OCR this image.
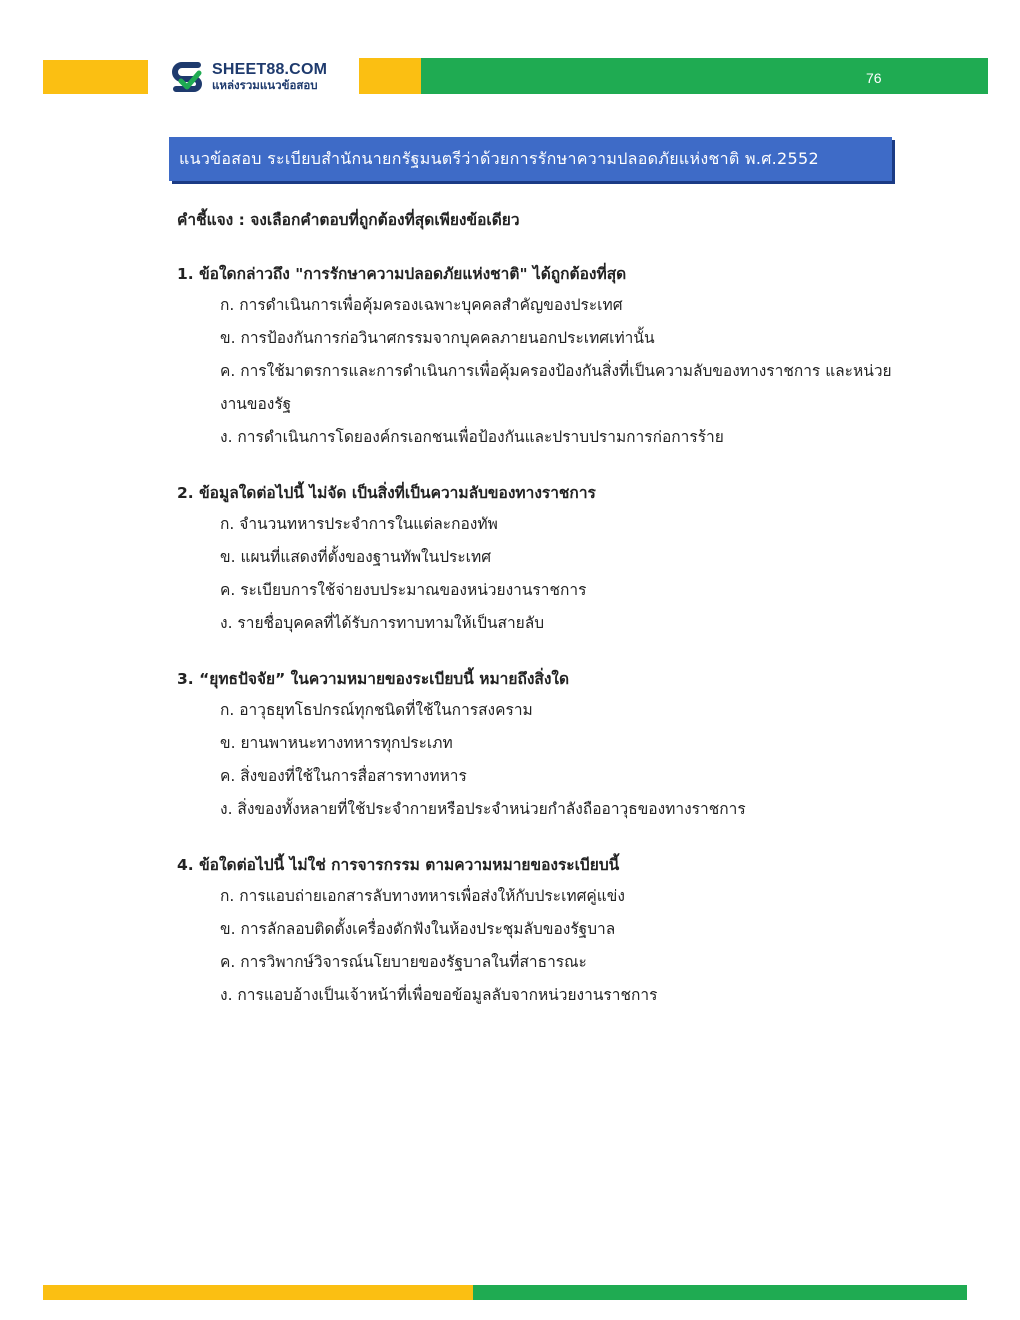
SHEET88.COM
แหล่งรวมแนวข้อสอบ	76
แนวข้อสอบ ระเบียบสำนักนายกรัฐมนตรีว่าด้วยการรักษาความปลอดภัยแห่งชาติ พ.ศ.2552
คำชี้แจง : จงเลือกคำตอบที่ถูกต้องที่สุดเพียงข้อเดียว
1. ข้อใดกล่าวถึง "การรักษาความปลอดภัยแห่งชาติ" ได้ถูกต้องที่สุด
ก. การดำเนินการเพื่อคุ้มครองเฉพาะบุคคลสำคัญของประเทศ
ข. การป้องกันการก่อวินาศกรรมจากบุคคลภายนอกประเทศเท่านั้น
ค. การใช้มาตรการและการดำเนินการเพื่อคุ้มครองป้องกันสิ่งที่เป็นความลับของทางราชการ และหน่วยงานของรัฐ
ง. การดำเนินการโดยองค์กรเอกชนเพื่อป้องกันและปราบปรามการก่อการร้าย
2. ข้อมูลใดต่อไปนี้ ไม่จัด เป็นสิ่งที่เป็นความลับของทางราชการ
ก. จำนวนทหารประจำการในแต่ละกองทัพ
ข. แผนที่แสดงที่ตั้งของฐานทัพในประเทศ
ค. ระเบียบการใช้จ่ายงบประมาณของหน่วยงานราชการ
ง. รายชื่อบุคคลที่ได้รับการทาบทามให้เป็นสายลับ
3. “ยุทธปัจจัย” ในความหมายของระเบียบนี้ หมายถึงสิ่งใด
ก. อาวุธยุทโธปกรณ์ทุกชนิดที่ใช้ในการสงคราม
ข. ยานพาหนะทางทหารทุกประเภท
ค. สิ่งของที่ใช้ในการสื่อสารทางทหาร
ง. สิ่งของทั้งหลายที่ใช้ประจำกายหรือประจำหน่วยกำลังถืออาวุธของทางราชการ
4. ข้อใดต่อไปนี้ ไม่ใช่ การจารกรรม ตามความหมายของระเบียบนี้
ก. การแอบถ่ายเอกสารลับทางทหารเพื่อส่งให้กับประเทศคู่แข่ง
ข. การลักลอบติดตั้งเครื่องดักฟังในห้องประชุมลับของรัฐบาล
ค. การวิพากษ์วิจารณ์นโยบายของรัฐบาลในที่สาธารณะ
ง. การแอบอ้างเป็นเจ้าหน้าที่เพื่อขอข้อมูลลับจากหน่วยงานราชการ
